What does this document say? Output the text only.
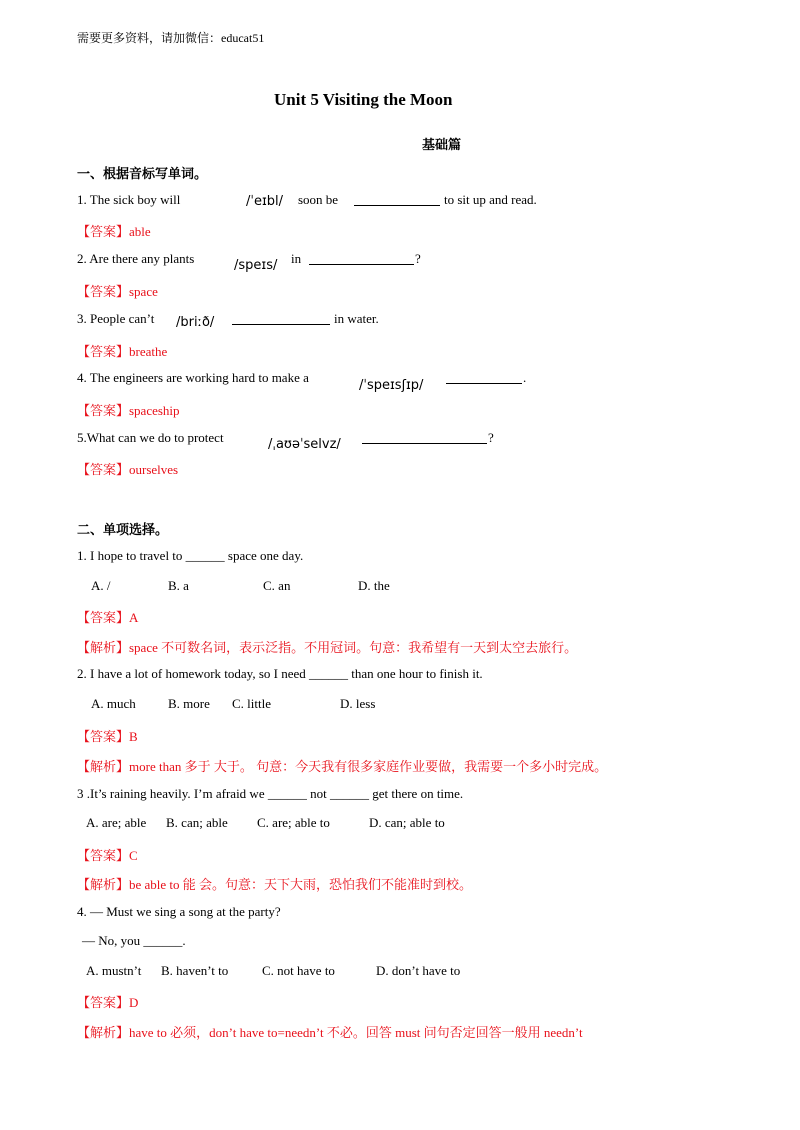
需要更多资料，请加微信：educat51
Unit 5 Visiting the Moon
基础篇
一、根据音标写单词。
1. The sick boy will	/ˈeɪbl/ soon be	to sit up and read.
【答案】able
2. Are there any plants	/speɪs/ in	?
【答案】space
3. People can’t /briːð/	in water.
【答案】breathe
4. The engineers are working hard to make a
/ˈspeɪsʃɪp/
.
【答案】spaceship
5.What can we do to protect	/ˌaʊəˈselvz/	?
【答案】ourselves
二、单项选择。
1. I hope to travel to ______ space one day.
A. /	B. a	C. an	D. the
【答案】A
【解析】space 不可数名词，表示泛指。不用冠词。句意：我希望有一天到太空去旅行。
2. I have a lot of homework today, so I need ______ than one hour to finish it.
A. much B. more C. little	D. less
【答案】B
【解析】more than 多于 大于。 句意：今天我有很多家庭作业要做，我需要一个多小时完成。
3 .It’s raining heavily. I’m afraid we ______ not ______ get there on time.
A. are; able B. can; able C. are; able to	D. can; able to
【答案】C
【解析】be able to 能 会。句意：天下大雨，恐怕我们不能准时到校。
4. — Must we sing a song at the party?
— No, you ______.
A. mustn’t B. haven’t to	C. not have to	D. don’t have to
【答案】D
【解析】have to 必须，don’t have to=needn’t 不必。回答 must 问句否定回答一般用 needn’t
